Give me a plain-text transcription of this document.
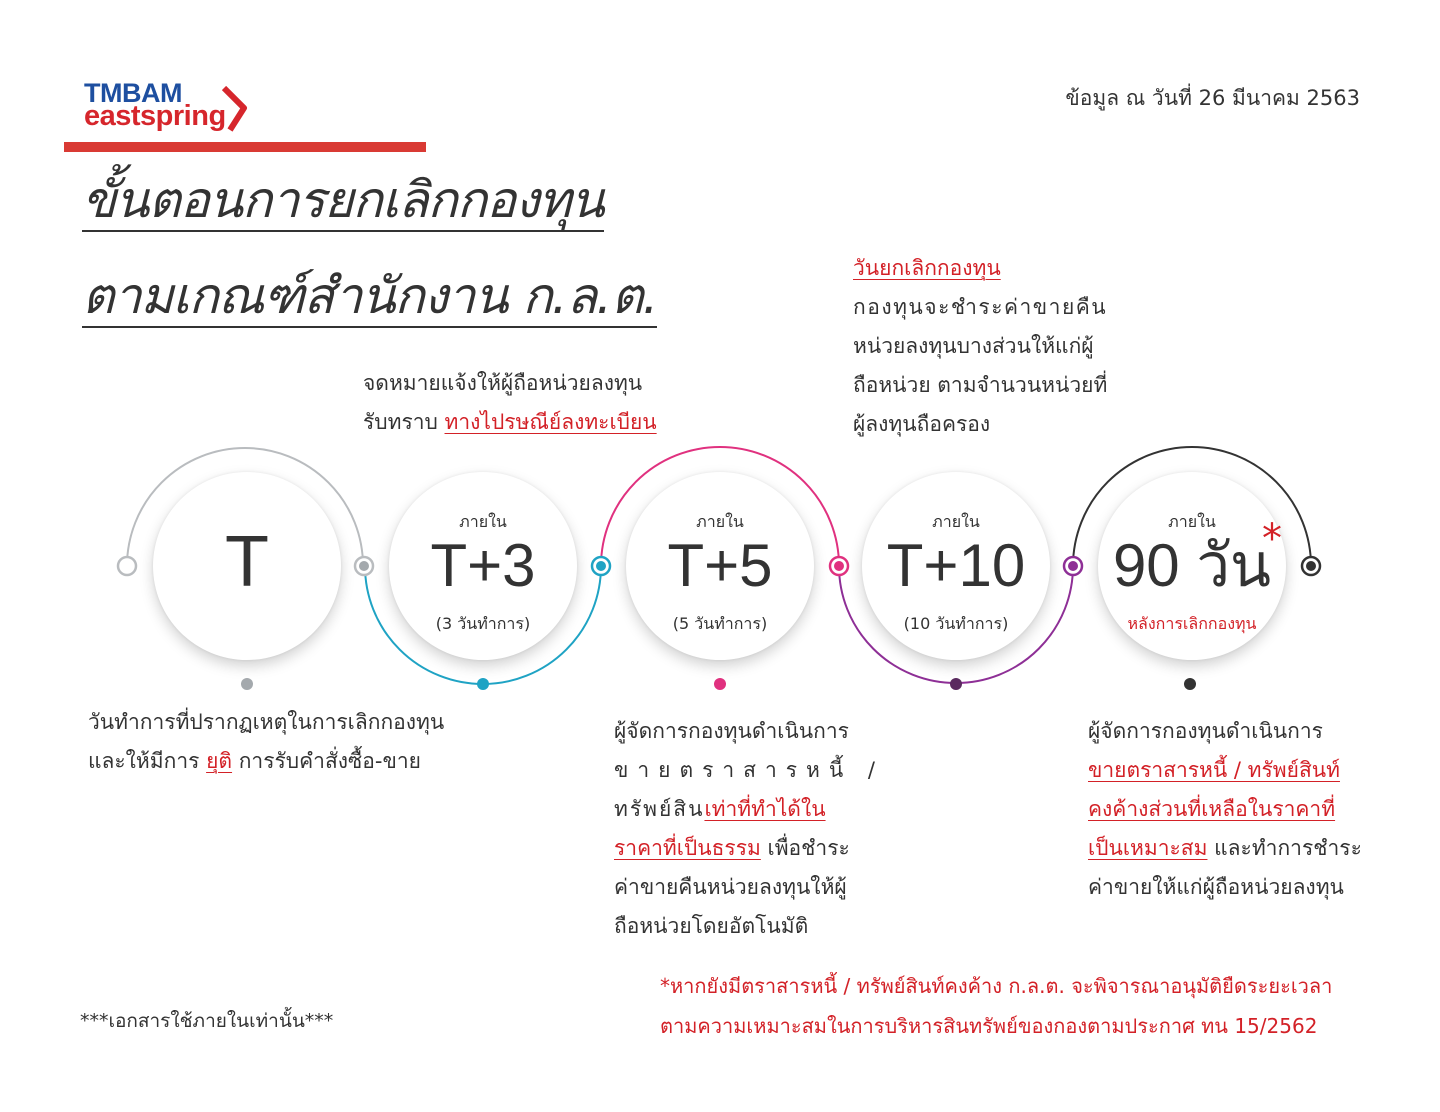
TMBAM
eastspring
ข้อมูล ณ วันที่ 26 มีนาคม 2563
ขั้นตอนการยกเลิกกองทุน
ตามเกณฑ์สำนักงาน ก.ล.ต.
T
ภายใน
T+3
(3 วันทำการ)
ภายใน
T+5
(5 วันทำการ)
ภายใน
T+10
(10 วันทำการ)
ภายใน
90 วัน
หลังการเลิกกองทุน
*
จดหมายแจ้งให้ผู้ถือหน่วยลงทุน
รับทราบ ทางไปรษณีย์ลงทะเบียน
วันยกเลิกกองทุน
กองทุนจะชำระค่าขายคืน
หน่วยลงทุนบางส่วนให้แก่ผู้
ถือหน่วย ตามจำนวนหน่วยที่
ผู้ลงทุนถือครอง
วันทำการที่ปรากฏเหตุในการเลิกกองทุน
และให้มีการ ยุติ การรับคำสั่งซื้อ-ขาย
ผู้จัดการกองทุนดำเนินการ
ขายตราสารหนี้ /
ทรัพย์สินเท่าที่ทำได้ใน
ราคาที่เป็นธรรม เพื่อชำระ
ค่าขายคืนหน่วยลงทุนให้ผู้
ถือหน่วยโดยอัตโนมัติ
ผู้จัดการกองทุนดำเนินการ
ขายตราสารหนี้ / ทรัพย์สินท์
คงค้างส่วนที่เหลือในราคาที่
เป็นเหมาะสม และทำการชำระ
ค่าขายให้แก่ผู้ถือหน่วยลงทุน
***เอกสารใช้ภายในเท่านั้น***
*หากยังมีตราสารหนี้ / ทรัพย์สินท์คงค้าง ก.ล.ต. จะพิจารณาอนุมัติยืดระยะเวลา
ตามความเหมาะสมในการบริหารสินทรัพย์ของกองตามประกาศ ทน 15/2562
